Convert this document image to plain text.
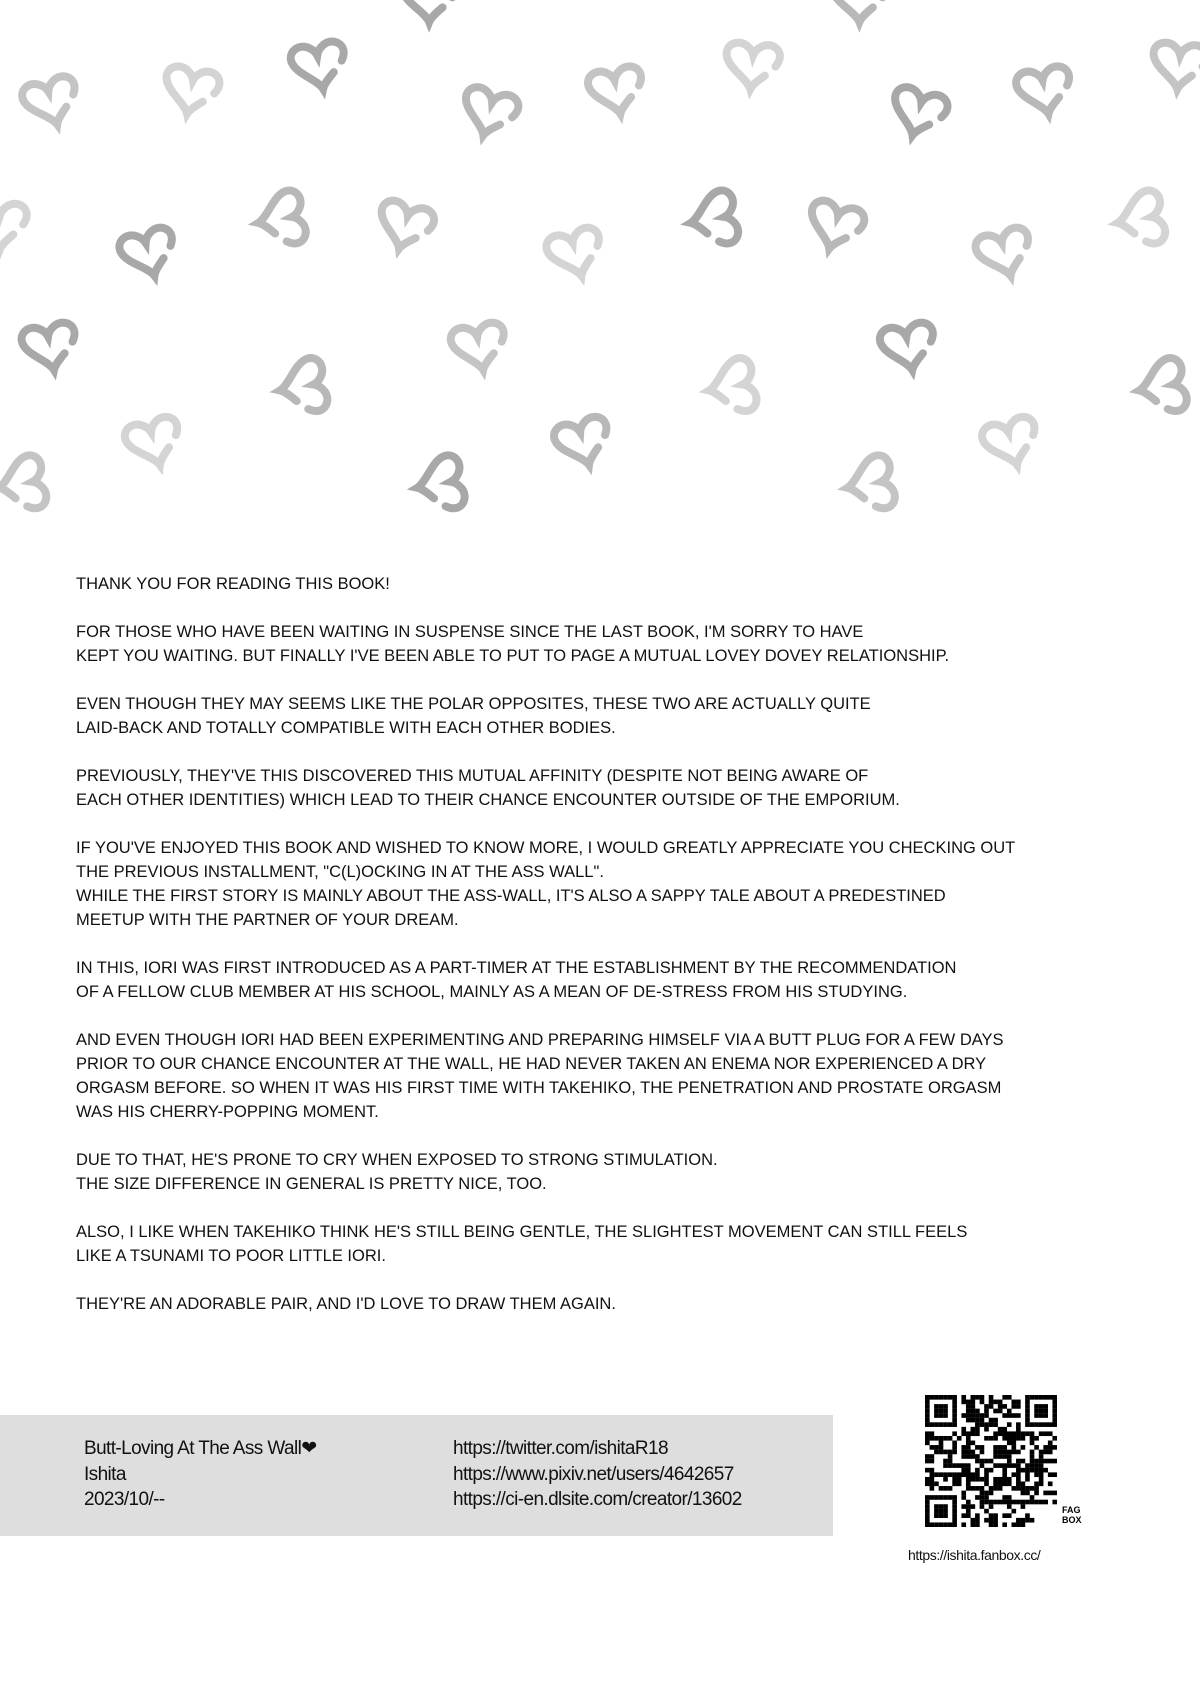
THANK YOU FOR READING THIS BOOK!

FOR THOSE WHO HAVE BEEN WAITING IN SUSPENSE SINCE THE LAST BOOK, I'M SORRY TO HAVE
KEPT YOU WAITING. BUT FINALLY I'VE BEEN ABLE TO PUT TO PAGE A MUTUAL LOVEY DOVEY RELATIONSHIP.

EVEN THOUGH THEY MAY SEEMS LIKE THE POLAR OPPOSITES, THESE TWO ARE ACTUALLY QUITE
LAID-BACK AND TOTALLY COMPATIBLE WITH EACH OTHER BODIES.

PREVIOUSLY, THEY'VE THIS DISCOVERED THIS MUTUAL AFFINITY (DESPITE NOT BEING AWARE OF
EACH OTHER IDENTITIES) WHICH LEAD TO THEIR CHANCE ENCOUNTER OUTSIDE OF THE EMPORIUM.

IF YOU'VE ENJOYED THIS BOOK AND WISHED TO KNOW MORE, I WOULD GREATLY APPRECIATE YOU CHECKING OUT
THE PREVIOUS INSTALLMENT, "C(L)OCKING IN AT THE ASS WALL".
WHILE THE FIRST STORY IS MAINLY ABOUT THE ASS-WALL, IT'S ALSO A SAPPY TALE ABOUT A PREDESTINED
MEETUP WITH THE PARTNER OF YOUR DREAM.

IN THIS, IORI WAS FIRST INTRODUCED AS A PART-TIMER AT THE ESTABLISHMENT BY THE RECOMMENDATION
OF A FELLOW CLUB MEMBER AT HIS SCHOOL, MAINLY AS A MEAN OF DE-STRESS FROM HIS STUDYING.

AND EVEN THOUGH IORI HAD BEEN EXPERIMENTING AND PREPARING HIMSELF VIA A BUTT PLUG FOR A FEW DAYS
PRIOR TO OUR CHANCE ENCOUNTER AT THE WALL, HE HAD NEVER TAKEN AN ENEMA NOR EXPERIENCED A DRY
ORGASM BEFORE. SO WHEN IT WAS HIS FIRST TIME WITH TAKEHIKO, THE PENETRATION AND PROSTATE ORGASM
WAS HIS CHERRY-POPPING MOMENT.

DUE TO THAT, HE'S PRONE TO CRY WHEN EXPOSED TO STRONG STIMULATION.
THE SIZE DIFFERENCE IN GENERAL IS PRETTY NICE, TOO.

ALSO, I LIKE WHEN TAKEHIKO THINK HE'S STILL BEING GENTLE, THE SLIGHTEST MOVEMENT CAN STILL FEELS
LIKE A TSUNAMI TO POOR LITTLE IORI.

THEY'RE AN ADORABLE PAIR, AND I'D LOVE TO DRAW THEM AGAIN.

Butt-Loving At The Ass Wall❤
Ishita
2023/10/--
https://twitter.com/ishitaR18
https://www.pixiv.net/users/4642657
https://ci-en.dlsite.com/creator/13602	FAG
BOX
https://ishita.fanbox.cc/
